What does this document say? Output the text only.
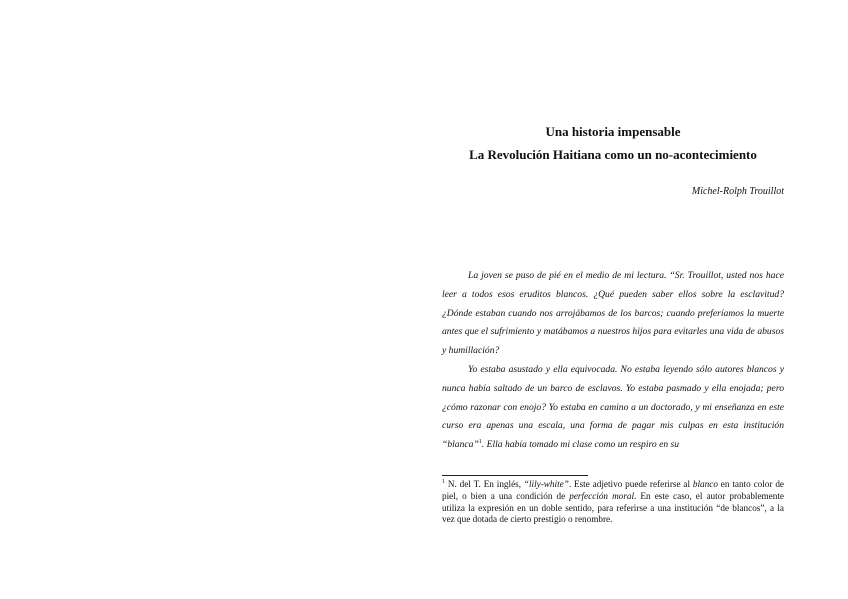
Una historia impensable
La Revolución Haitiana como un no-acontecimiento
Michel-Rolph Trouillot

La joven se puso de pié en el medio de mi lectura. “Sr. Trouillot, usted nos hace leer a todos esos eruditos blancos. ¿Qué pueden saber ellos sobre la esclavitud? ¿Dónde estaban cuando nos arrojábamos de los barcos; cuando preferíamos la muerte antes que el sufrimiento y matábamos a nuestros hijos para evitarles una vida de abusos y humillación?

Yo estaba asustado y ella equivocada. No estaba leyendo sólo autores blancos y nunca había saltado de un barco de esclavos. Yo estaba pasmado y ella enojada; pero ¿cómo razonar con enojo? Yo estaba en camino a un doctorado, y mi enseñanza en este curso era apenas una escala, una forma de pagar mis culpas en esta institución “blanca”$^1$. Ella había tomado mi clase como un respiro en su

$^1$ N. del T. En inglés, “lily-white”. Este adjetivo puede referirse al blanco en tanto color de piel, o bien a una condición de perfección moral. En este caso, el autor probablemente utiliza la expresión en un doble sentido, para referirse a una institución “de blancos”, a la vez que dotada de cierto prestigio o renombre.
